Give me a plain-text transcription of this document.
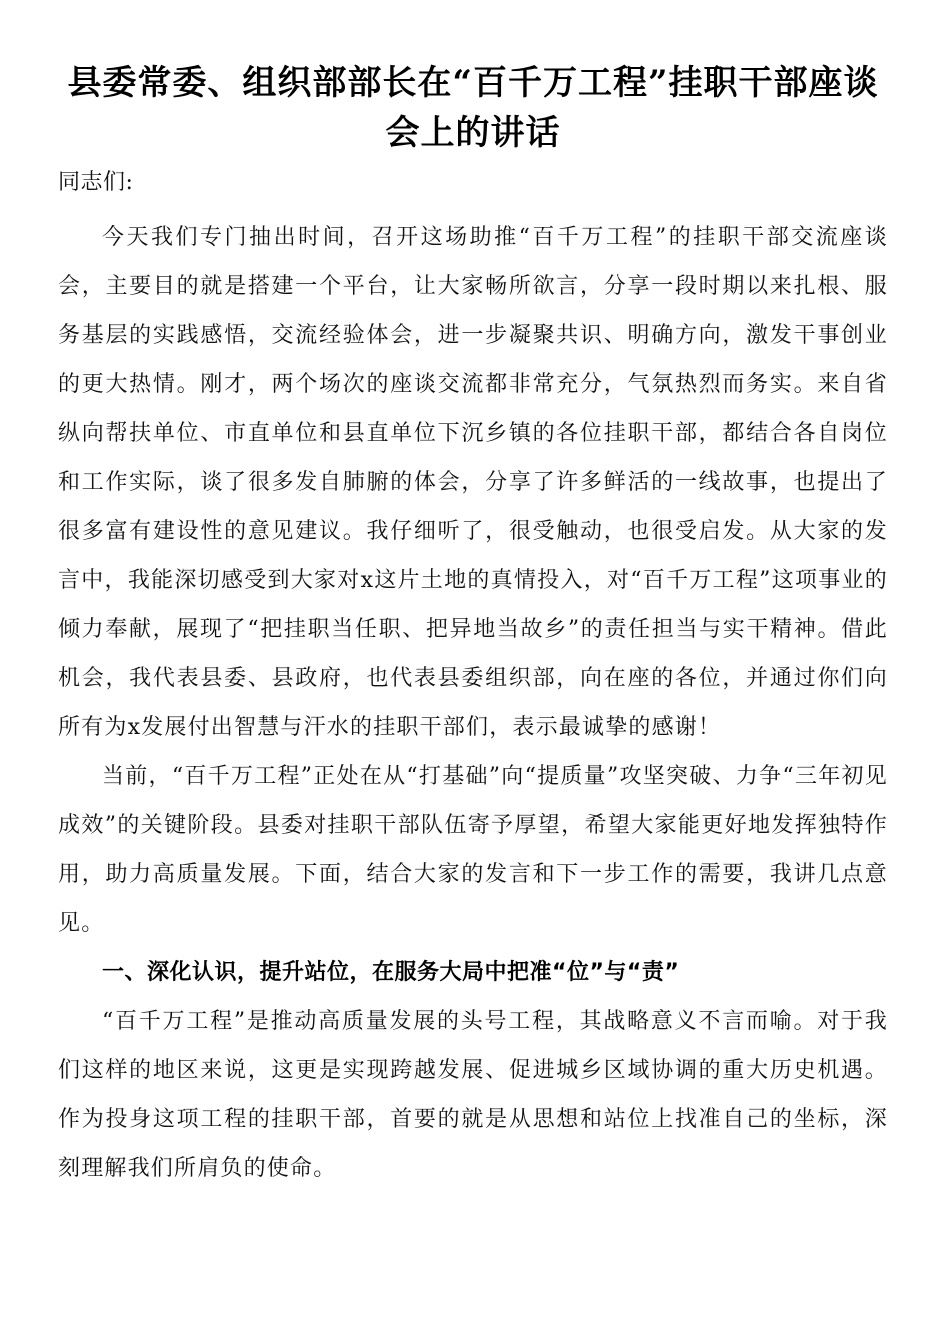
县委常委、组织部部长在“百千万工程”挂职干部座谈会上的讲话

同志们:

今天我们专门抽出时间，召开这场助推“百千万工程”的挂职干部交流座谈会，主要目的就是搭建一个平台，让大家畅所欲言，分享一段时期以来扎根、服务基层的实践感悟，交流经验体会，进一步凝聚共识、明确方向，激发干事创业的更大热情。刚才，两个场次的座谈交流都非常充分，气氛热烈而务实。来自省纵向帮扶单位、市直单位和县直单位下沉乡镇的各位挂职干部，都结合各自岗位和工作实际，谈了很多发自肺腑的体会，分享了许多鲜活的一线故事，也提出了很多富有建设性的意见建议。我仔细听了，很受触动，也很受启发。从大家的发言中，我能深切感受到大家对x这片土地的真情投入，对“百千万工程”这项事业的倾力奉献，展现了“把挂职当任职、把异地当故乡”的责任担当与实干精神。借此机会，我代表县委、县政府，也代表县委组织部，向在座的各位，并通过你们向所有为x发展付出智慧与汗水的挂职干部们，表示最诚挚的感谢！

当前，“百千万工程”正处在从“打基础”向“提质量”攻坚突破、力争“三年初见成效”的关键阶段。县委对挂职干部队伍寄予厚望，希望大家能更好地发挥独特作用，助力高质量发展。下面，结合大家的发言和下一步工作的需要，我讲几点意见。

一、深化认识，提升站位，在服务大局中把准“位”与“责”

“百千万工程”是推动高质量发展的头号工程，其战略意义不言而喻。对于我们这样的地区来说，这更是实现跨越发展、促进城乡区域协调的重大历史机遇。作为投身这项工程的挂职干部，首要的就是从思想和站位上找准自己的坐标，深刻理解我们所肩负的使命。
